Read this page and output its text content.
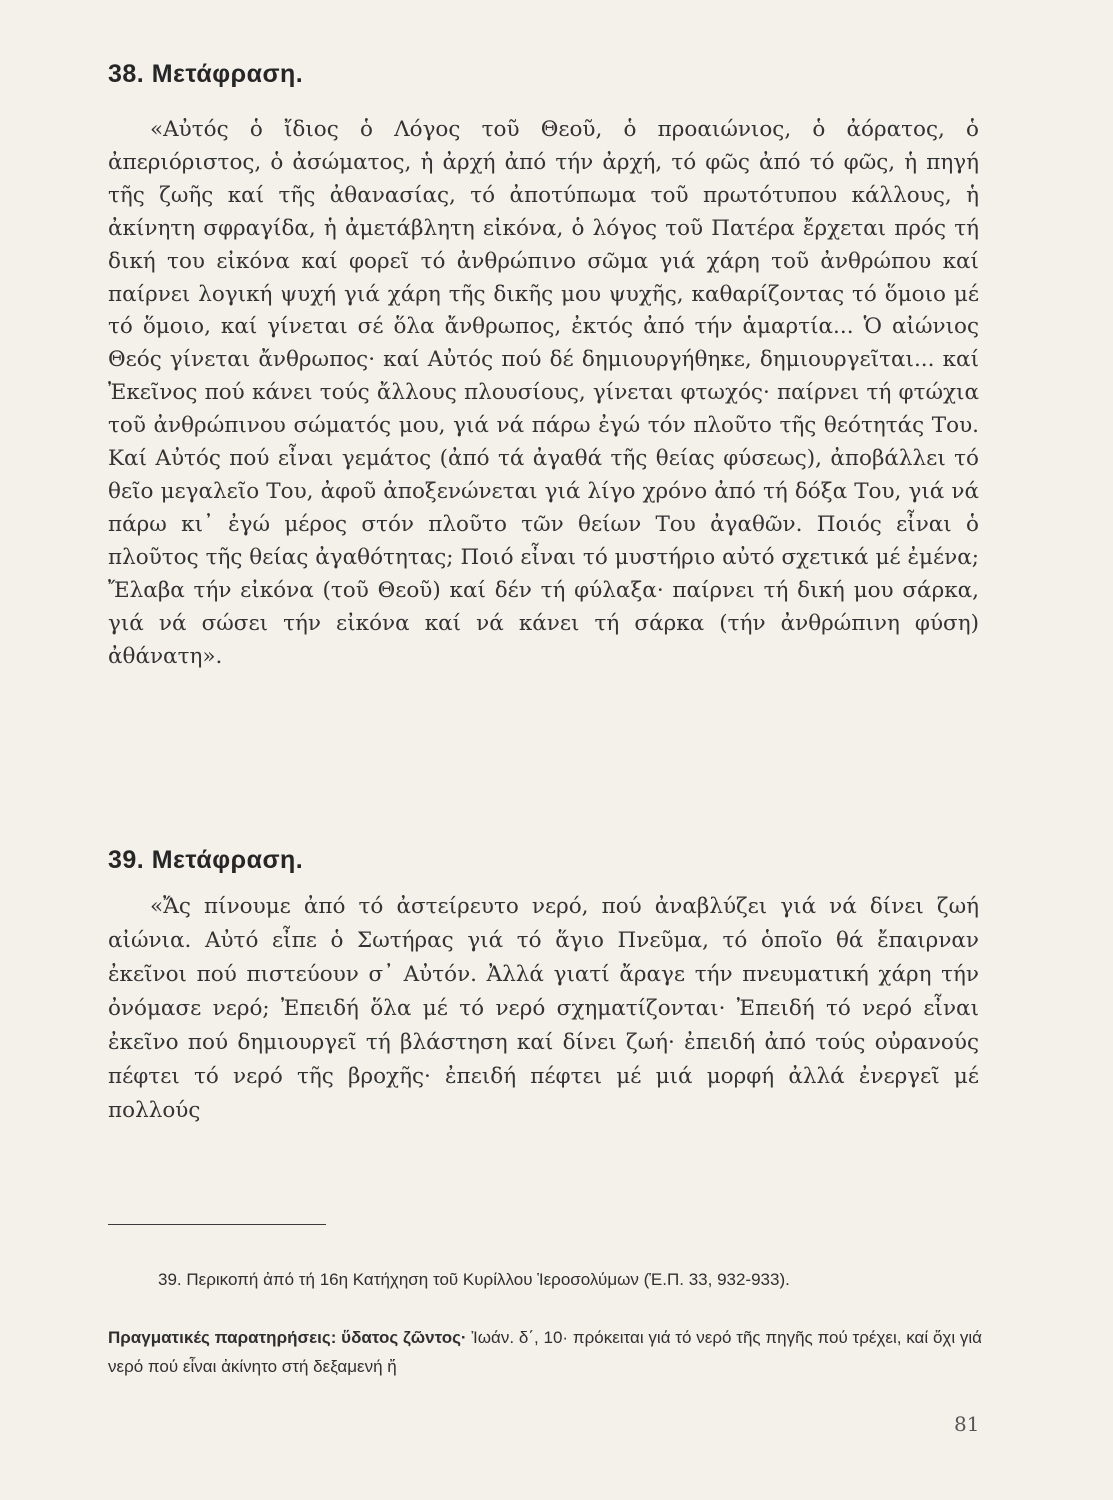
38. Μετάφραση.

«Αὐτός ὁ ἴδιος ὁ Λόγος τοῦ Θεοῦ, ὁ προαιώνιος, ὁ ἀόρατος, ὁ ἀπεριόριστος, ὁ ἀσώματος, ἡ ἀρχή ἀπό τήν ἀρχή, τό φῶς ἀπό τό φῶς, ἡ πηγή τῆς ζωῆς καί τῆς ἀθανασίας, τό ἀποτύπωμα τοῦ πρωτότυπου κάλλους, ἡ ἀκίνητη σφραγίδα, ἡ ἀμετάβλητη εἰκόνα, ὁ λόγος τοῦ Πατέρα ἔρχεται πρός τή δική του εἰκόνα καί φορεῖ τό ἀνθρώπινο σῶμα γιά χάρη τοῦ ἀνθρώπου καί παίρνει λογική ψυχή γιά χάρη τῆς δικῆς μου ψυχῆς, καθαρίζοντας τό ὅμοιο μέ τό ὅμοιο, καί γίνεται σέ ὅλα ἄνθρωπος, ἐκτός ἀπό τήν ἁμαρτία... Ὁ αἰώνιος Θεός γίνεται ἄνθρωπος· καί Αὐτός πού δέ δημιουργήθηκε, δημιουργεῖται... καί Ἐκεῖνος πού κάνει τούς ἄλλους πλουσίους, γίνεται φτωχός· παίρνει τή φτώχια τοῦ ἀνθρώπινου σώματός μου, γιά νά πάρω ἐγώ τόν πλοῦτο τῆς θεότητάς Του. Καί Αὐτός πού εἶναι γεμάτος (ἀπό τά ἀγαθά τῆς θείας φύσεως), ἀποβάλλει τό θεῖο μεγαλεῖο Του, ἀφοῦ ἀποξενώνεται γιά λίγο χρόνο ἀπό τή δόξα Του, γιά νά πάρω κι᾿ ἐγώ μέρος στόν πλοῦτο τῶν θείων Του ἀγαθῶν. Ποιός εἶναι ὁ πλοῦτος τῆς θείας ἀγαθότητας; Ποιό εἶναι τό μυστήριο αὐτό σχετικά μέ ἐμένα; Ἔλαβα τήν εἰκόνα (τοῦ Θεοῦ) καί δέν τή φύλαξα· παίρνει τή δική μου σάρκα, γιά νά σώσει τήν εἰκόνα καί νά κάνει τή σάρκα (τήν ἀνθρώπινη φύση) ἀθάνατη».

39. Μετάφραση.

«Ἄς πίνουμε ἀπό τό ἀστείρευτο νερό, πού ἀναβλύζει γιά νά δίνει ζωή αἰώνια. Αὐτό εἶπε ὁ Σωτήρας γιά τό ἅγιο Πνεῦμα, τό ὁποῖο θά ἔπαιρναν ἐκεῖνοι πού πιστεύουν σ᾿ Αὐτόν. Ἀλλά γιατί ἄραγε τήν πνευματική χάρη τήν ὀνόμασε νερό; Ἐπειδή ὅλα μέ τό νερό σχηματίζονται· Ἐπειδή τό νερό εἶναι ἐκεῖνο πού δημιουργεῖ τή βλάστηση καί δίνει ζωή· ἐπειδή ἀπό τούς οὐρανούς πέφτει τό νερό τῆς βροχῆς· ἐπειδή πέφτει μέ μιά μορφή ἀλλά ἐνεργεῖ μέ πολλούς

39. Περικοπή ἀπό τή 16η Κατήχηση τοῦ Κυρίλλου Ἱεροσολύμων (Ἑ.Π. 33, 932-933).

Πραγματικές παρατηρήσεις: ὕδατος ζῶντος· Ἰωάν. δ΄, 10· πρόκειται γιά τό νερό τῆς πηγῆς πού τρέχει, καί ὄχι γιά νερό πού εἶναι ἀκίνητο στή δεξαμενή ἤ

81
